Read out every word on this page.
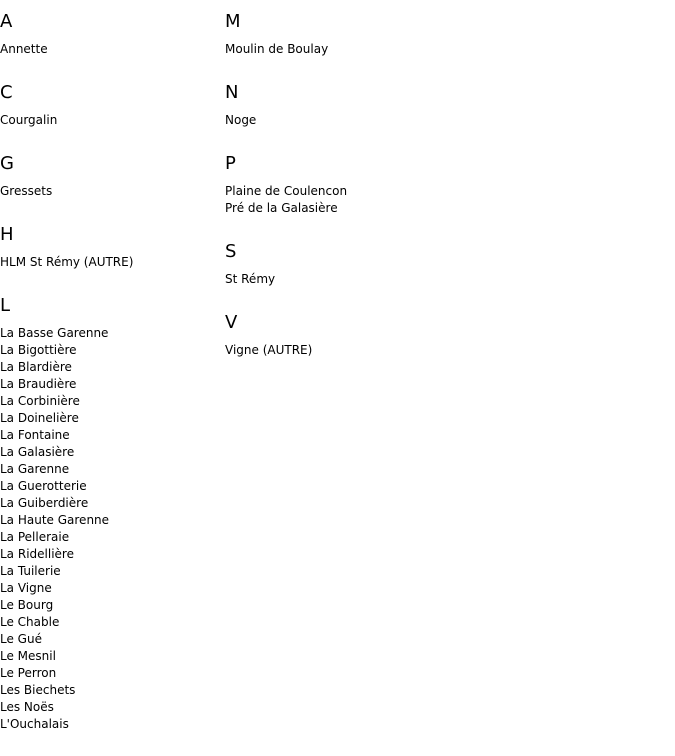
A
Annette
C
Courgalin
G
Gressets
H
HLM St Rémy (AUTRE)
L
La Basse Garenne
La Bigottière
La Blardière
La Braudière
La Corbinière
La Doinelière
La Fontaine
La Galasière
La Garenne
La Guerotterie
La Guiberdière
La Haute Garenne
La Pelleraie
La Ridellière
La Tuilerie
La Vigne
Le Bourg
Le Chable
Le Gué
Le Mesnil
Le Perron
Les Biechets
Les Noës
L'Ouchalais
M
Moulin de Boulay
N
Noge
P
Plaine de Coulencon
Pré de la Galasière
S
St Rémy
V
Vigne (AUTRE)
